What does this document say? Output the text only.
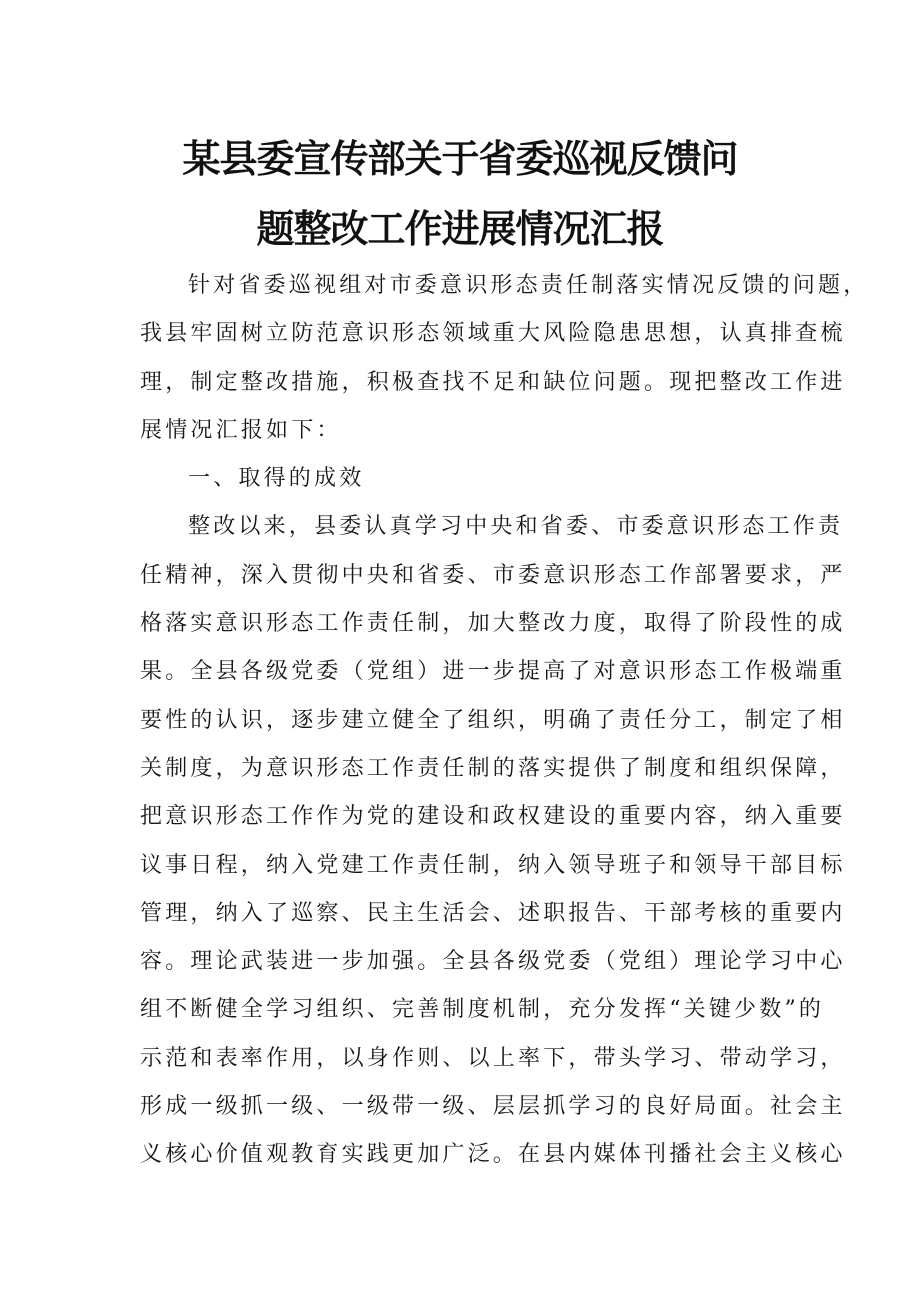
某县委宣传部关于省委巡视反馈问
题整改工作进展情况汇报
针对省委巡视组对市委意识形态责任制落实情况反馈的问题，
我县牢固树立防范意识形态领域重大风险隐患思想，认真排查梳
理，制定整改措施，积极查找不足和缺位问题。现把整改工作进
展情况汇报如下：
一、取得的成效
整改以来，县委认真学习中央和省委、市委意识形态工作责
任精神，深入贯彻中央和省委、市委意识形态工作部署要求，严
格落实意识形态工作责任制，加大整改力度，取得了阶段性的成
果。全县各级党委（党组）进一步提高了对意识形态工作极端重
要性的认识，逐步建立健全了组织，明确了责任分工，制定了相
关制度，为意识形态工作责任制的落实提供了制度和组织保障，
把意识形态工作作为党的建设和政权建设的重要内容，纳入重要
议事日程，纳入党建工作责任制，纳入领导班子和领导干部目标
管理，纳入了巡察、民主生活会、述职报告、干部考核的重要内
容。理论武装进一步加强。全县各级党委（党组）理论学习中心
组不断健全学习组织、完善制度机制，充分发挥“关键少数”的
示范和表率作用，以身作则、以上率下，带头学习、带动学习，
形成一级抓一级、一级带一级、层层抓学习的良好局面。社会主
义核心价值观教育实践更加广泛。在县内媒体刊播社会主义核心
